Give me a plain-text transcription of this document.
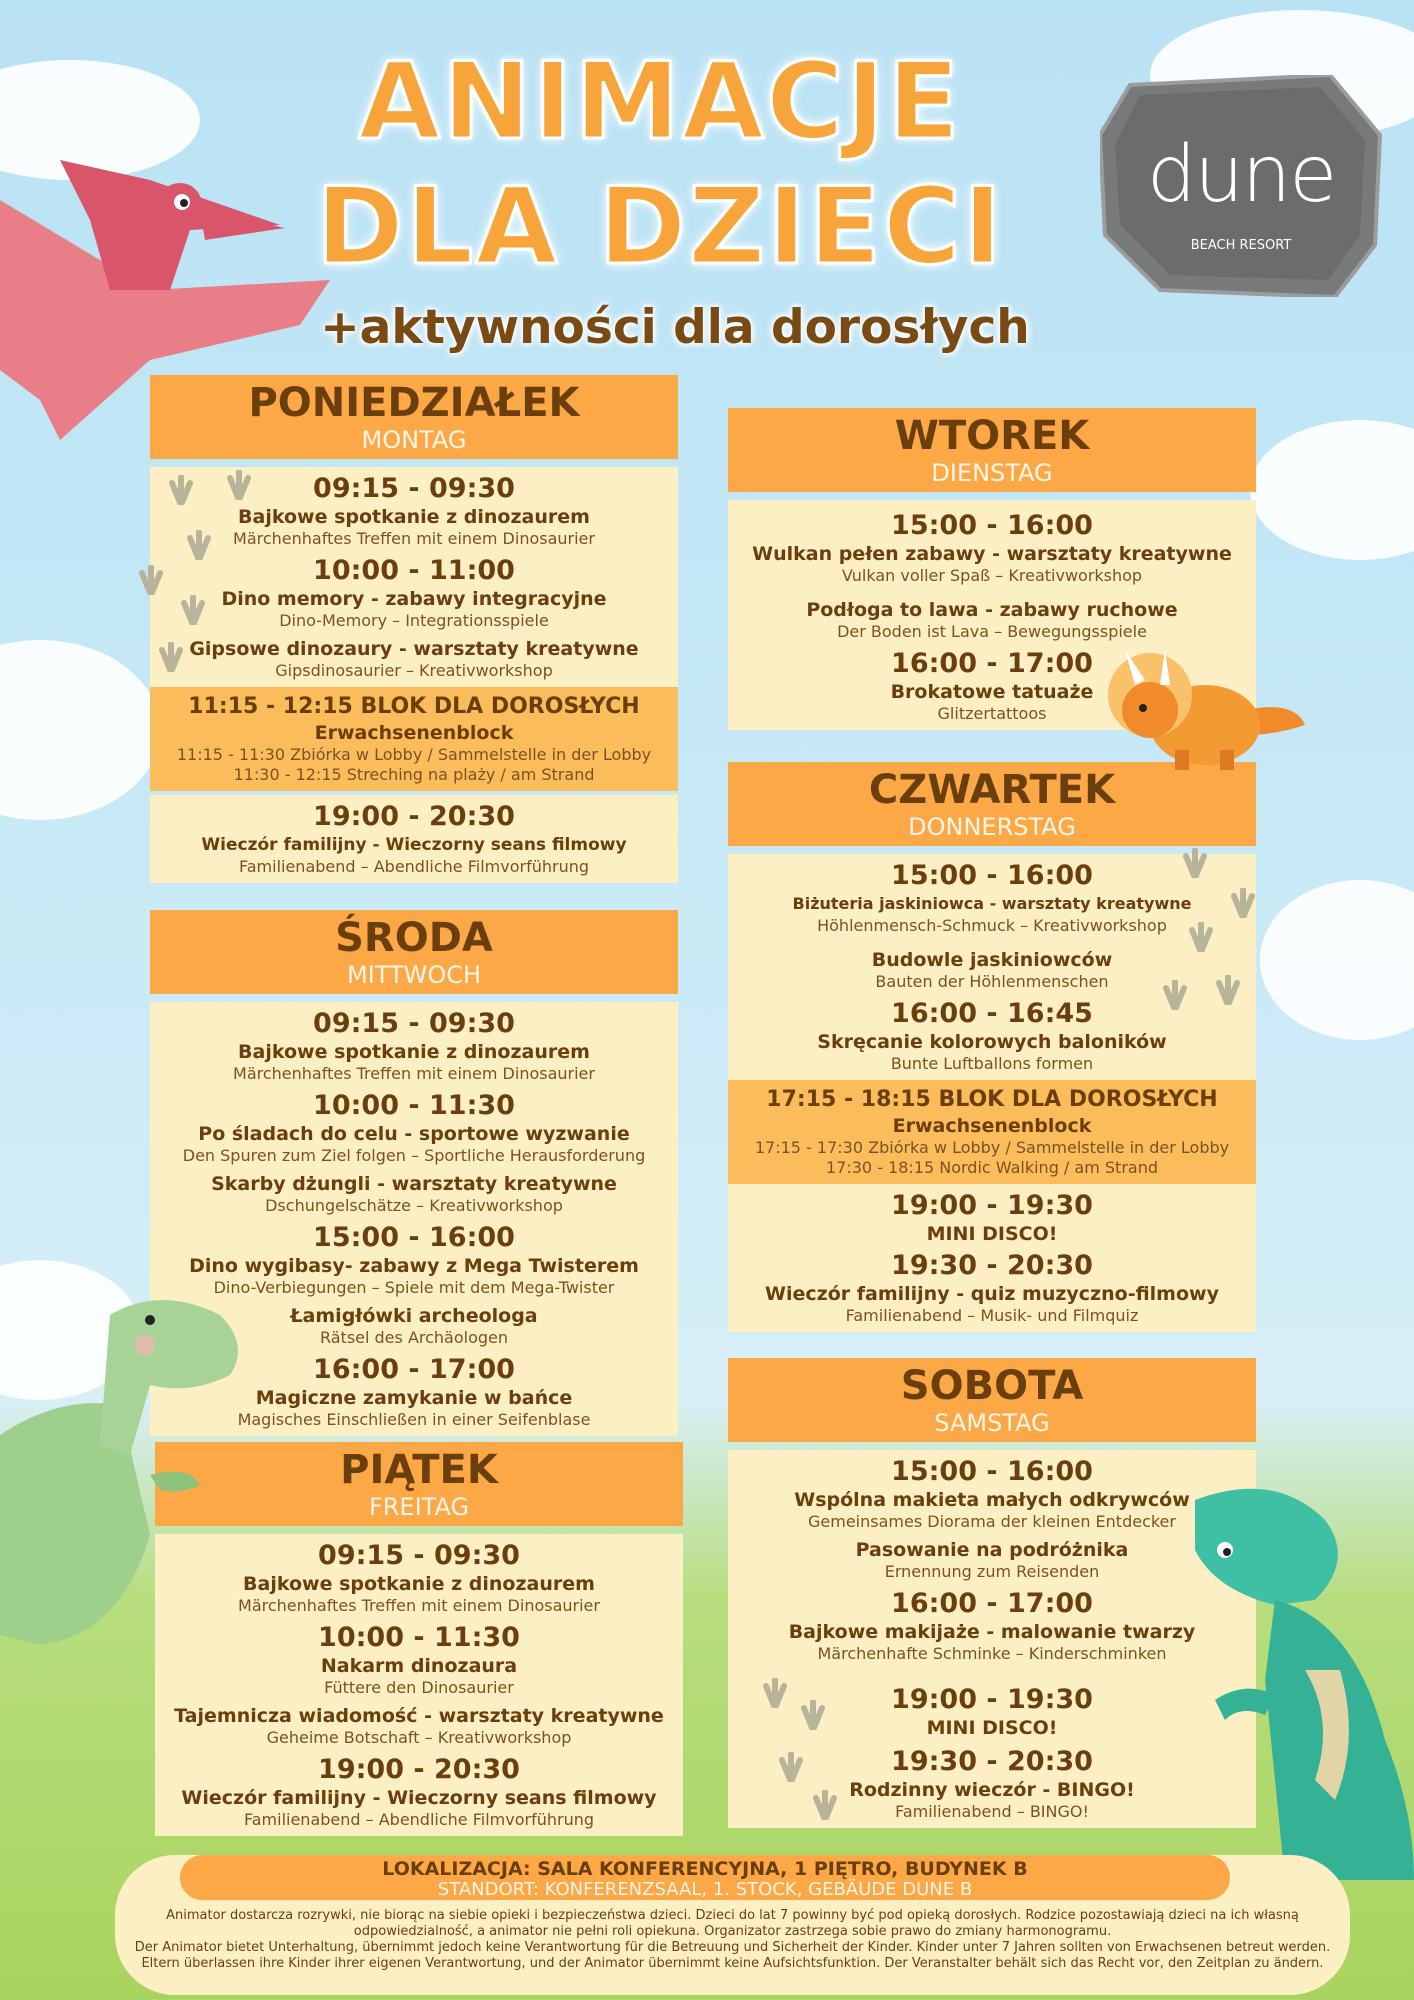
ANIMACJE
DLA DZIECI
+aktywności dla dorosłych
dune
BEACH RESORT
PONIEDZIAŁEK
MONTAG
09:15 - 09:30
Bajkowe spotkanie z dinozaurem
Märchenhaftes Treffen mit einem Dinosaurier
10:00 - 11:00
Dino memory - zabawy integracyjne
Dino-Memory – Integrationsspiele
Gipsowe dinozaury - warsztaty kreatywne
Gipsdinosaurier – Kreativworkshop
11:15 - 12:15 BLOK DLA DOROSŁYCH
Erwachsenenblock
11:15 - 11:30 Zbiórka w Lobby / Sammelstelle in der Lobby
11:30 - 12:15 Streching na plaży / am Strand
19:00 - 20:30
Wieczór familijny - Wieczorny seans filmowy
Familienabend – Abendliche Filmvorführung
ŚRODA
MITTWOCH
09:15 - 09:30
Bajkowe spotkanie z dinozaurem
Märchenhaftes Treffen mit einem Dinosaurier
10:00 - 11:30
Po śladach do celu - sportowe wyzwanie
Den Spuren zum Ziel folgen – Sportliche Herausforderung
Skarby dżungli - warsztaty kreatywne
Dschungelschätze – Kreativworkshop
15:00 - 16:00
Dino wygibasy- zabawy z Mega Twisterem
Dino-Verbiegungen – Spiele mit dem Mega-Twister
Łamigłówki archeologa
Rätsel des Archäologen
16:00 - 17:00
Magiczne zamykanie w bańce
Magisches Einschließen in einer Seifenblase
PIĄTEK
FREITAG
09:15 - 09:30
Bajkowe spotkanie z dinozaurem
Märchenhaftes Treffen mit einem Dinosaurier
10:00 - 11:30
Nakarm dinozaura
Füttere den Dinosaurier
Tajemnicza wiadomość - warsztaty kreatywne
Geheime Botschaft – Kreativworkshop
19:00 - 20:30
Wieczór familijny - Wieczorny seans filmowy
Familienabend – Abendliche Filmvorführung
WTOREK
DIENSTAG
15:00 - 16:00
Wulkan pełen zabawy - warsztaty kreatywne
Vulkan voller Spaß – Kreativworkshop
Podłoga to lawa - zabawy ruchowe
Der Boden ist Lava – Bewegungsspiele
16:00 - 17:00
Brokatowe tatuaże
Glitzertattoos
CZWARTEK
DONNERSTAG
15:00 - 16:00
Biżuteria jaskiniowca - warsztaty kreatywne
Höhlenmensch-Schmuck – Kreativworkshop
Budowle jaskiniowców
Bauten der Höhlenmenschen
16:00 - 16:45
Skręcanie kolorowych baloników
Bunte Luftballons formen
17:15 - 18:15 BLOK DLA DOROSŁYCH
Erwachsenenblock
17:15 - 17:30 Zbiórka w Lobby / Sammelstelle in der Lobby
17:30 - 18:15 Nordic Walking / am Strand
19:00 - 19:30
MINI DISCO!
19:30 - 20:30
Wieczór familijny - quiz muzyczno-filmowy
Familienabend – Musik- und Filmquiz
SOBOTA
SAMSTAG
15:00 - 16:00
Wspólna makieta małych odkrywców
Gemeinsames Diorama der kleinen Entdecker
Pasowanie na podróżnika
Ernennung zum Reisenden
16:00 - 17:00
Bajkowe makijaże - malowanie twarzy
Märchenhafte Schminke – Kinderschminken
19:00 - 19:30
MINI DISCO!
19:30 - 20:30
Rodzinny wieczór - BINGO!
Familienabend – BINGO!
LOKALIZACJA: SALA KONFERENCYJNA, 1 PIĘTRO, BUDYNEK B
STANDORT: KONFERENZSAAL, 1. STOCK, GEBÄUDE DUNE B
Animator dostarcza rozrywki, nie biorąc na siebie opieki i bezpieczeństwa dzieci. Dzieci do lat 7 powinny być pod opieką dorosłych. Rodzice pozostawiają dzieci na ich własną odpowiedzialność, a animator nie pełni roli opiekuna. Organizator zastrzega sobie prawo do zmiany harmonogramu.
Der Animator bietet Unterhaltung, übernimmt jedoch keine Verantwortung für die Betreuung und Sicherheit der Kinder. Kinder unter 7 Jahren sollten von Erwachsenen betreut werden. Eltern überlassen ihre Kinder ihrer eigenen Verantwortung, und der Animator übernimmt keine Aufsichtsfunktion. Der Veranstalter behält sich das Recht vor, den Zeitplan zu ändern.
